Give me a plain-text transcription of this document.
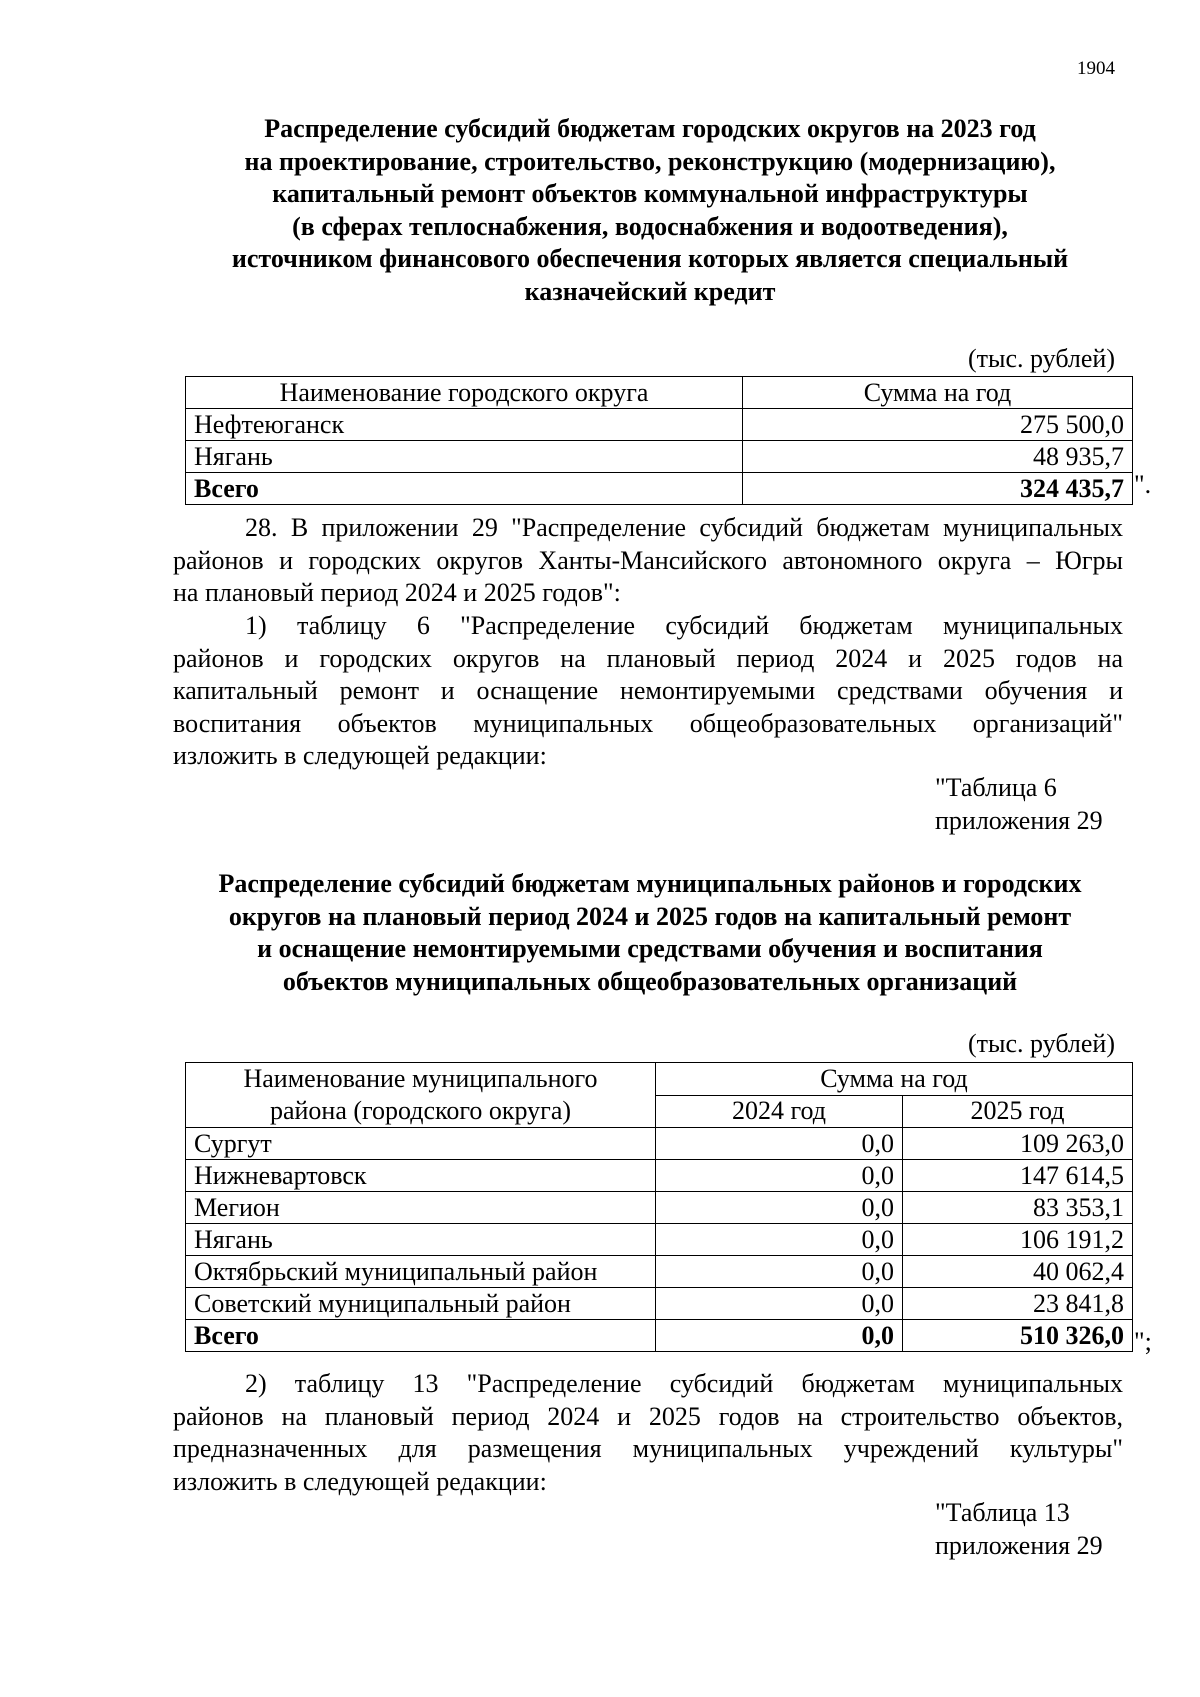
1904
Распределение субсидий бюджетам городских округов на 2023 год
на проектирование, строительство, реконструкцию (модернизацию),
капитальный ремонт объектов коммунальной инфраструктуры
(в сферах теплоснабжения, водоснабжения и водоотведения),
источником финансового обеспечения которых является специальный
казначейский кредит
(тыс. рублей)
Наименование городского округа	Сумма на год
Нефтеюганск	275 500,0
Нягань	48 935,7
Всего	324 435,7 ".
28. В приложении 29 "Распределение субсидий бюджетам муниципальных
районов и городских округов Ханты-Мансийского автономного округа – Югры
на плановый период 2024 и 2025 годов":
1) таблицу 6 "Распределение субсидий бюджетам муниципальных
районов и городских округов на плановый период 2024 и 2025 годов на
капитальный ремонт и оснащение немонтируемыми средствами обучения и
воспитания объектов муниципальных общеобразовательных организаций"
изложить в следующей редакции:
"Таблица 6
приложения 29
Распределение субсидий бюджетам муниципальных районов и городских
округов на плановый период 2024 и 2025 годов на капитальный ремонт
и оснащение немонтируемыми средствами обучения и воспитания
объектов муниципальных общеобразовательных организаций
(тыс. рублей)
Наименование муниципального
района (городского округа)	Сумма на год	
	2024 год	2025 год
Сургут	0,0	109 263,0
Нижневартовск	0,0	147 614,5
Мегион	0,0	83 353,1
Нягань	0,0	106 191,2
Октябрьский муниципальный район	0,0	40 062,4
Советский муниципальный район	0,0	23 841,8
Всего	0,0	510 326,0 ";
2) таблицу 13 "Распределение субсидий бюджетам муниципальных
районов на плановый период 2024 и 2025 годов на строительство объектов,
предназначенных для размещения муниципальных учреждений культуры"
изложить в следующей редакции:
"Таблица 13
приложения 29
